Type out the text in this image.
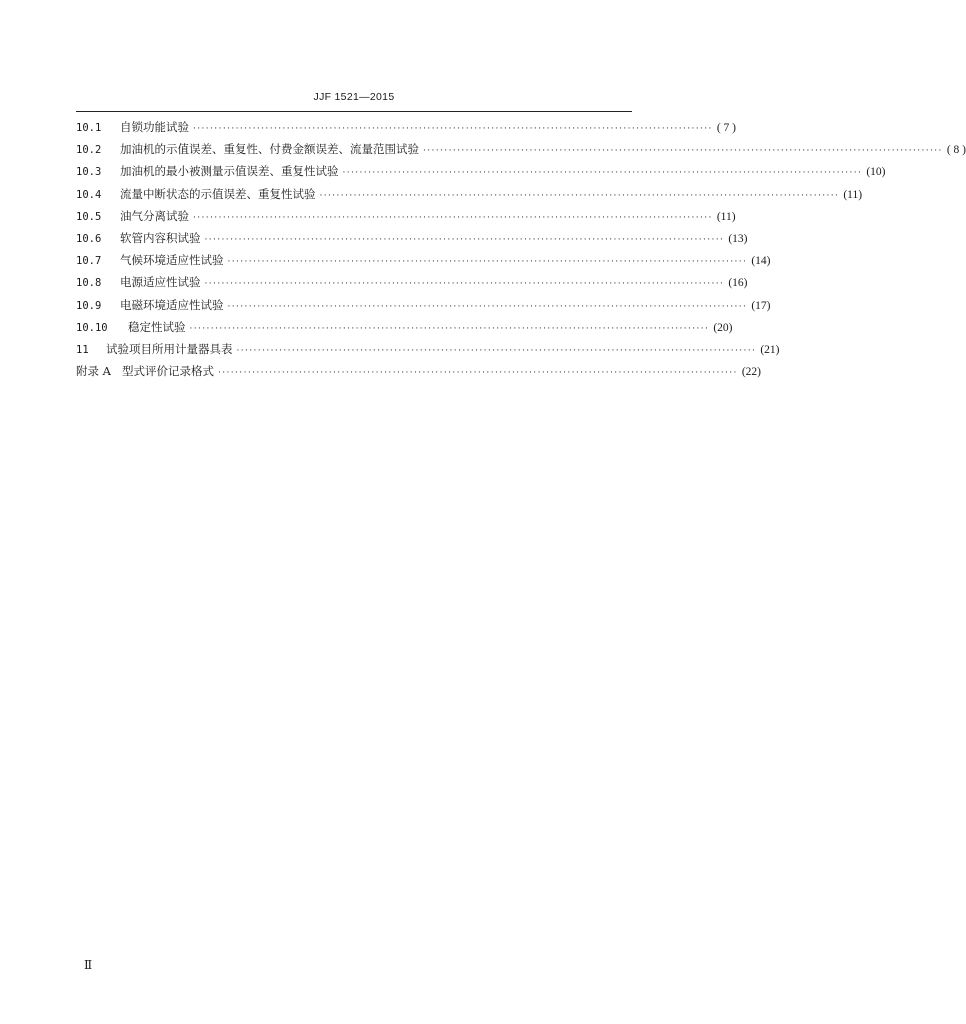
JJF 1521—2015
10.1	自锁功能试验 ·························································································································· ( 7 )
10.2	加油机的示值误差、重复性、付费金额误差、流量范围试验 ·························································································································· ( 8 )
10.3	加油机的最小被测量示值误差、重复性试验 ·························································································································· (10)
10.4	流量中断状态的示值误差、重复性试验 ·························································································································· (11)
10.5	油气分离试验 ·························································································································· (11)
10.6	软管内容积试验 ·························································································································· (13)
10.7	气候环境适应性试验 ·························································································································· (14)
10.8	电源适应性试验 ·························································································································· (16)
10.9	电磁环境适应性试验 ·························································································································· (17)
10.10	稳定性试验 ·························································································································· (20)
11	试验项目所用计量器具表 ·························································································································· (21)
附录 A 型式评价记录格式 ·························································································································· (22)
Ⅱ
